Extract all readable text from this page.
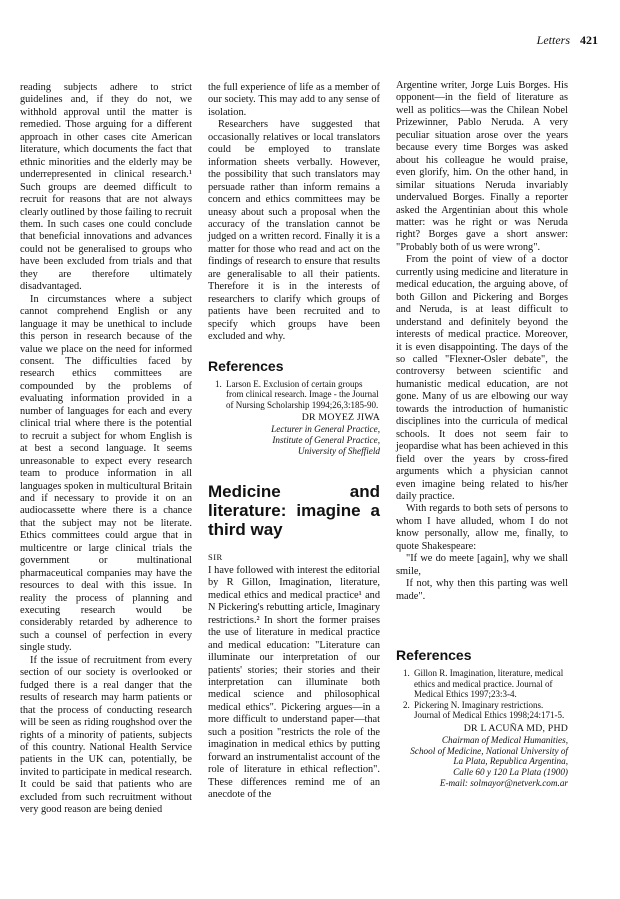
Letters 421

reading subjects adhere to strict guidelines and, if they do not, we withhold approval until the matter is remedied. Those arguing for a different approach in other cases cite American literature, which documents the fact that ethnic minorities and the elderly may be underrepresented in clinical research.¹ Such groups are deemed difficult to recruit for reasons that are not always clearly outlined by those failing to recruit them. In such cases one could conclude that beneficial innovations and advances could not be generalised to groups who have been excluded from trials and that they are therefore ultimately disadvantaged.

In circumstances where a subject cannot comprehend English or any language it may be unethical to include this person in research because of the value we place on the need for informed consent. The difficulties faced by research ethics committees are compounded by the problems of evaluating information provided in a number of languages for each and every clinical trial where there is the potential to recruit a subject for whom English is at best a second language. It seems unreasonable to expect every research team to produce information in all languages spoken in multicultural Britain and if necessary to provide it on an audiocassette where there is a chance that the subject may not be literate. Ethics committees could argue that in multicentre or large clinical trials the government or multinational pharmaceutical companies may have the resources to deal with this issue. In reality the process of planning and executing research would be considerably retarded by adherence to such a counsel of perfection in every single study.

If the issue of recruitment from every section of our society is overlooked or fudged there is a real danger that the results of research may harm patients or that the process of conducting research will be seen as riding roughshod over the rights of a minority of patients, subjects of this country. National Health Service patients in the UK can, potentially, be invited to participate in medical research. It could be said that patients who are excluded from such recruitment without very good reason are being denied

the full experience of life as a member of our society. This may add to any sense of isolation.

Researchers have suggested that occasionally relatives or local translators could be employed to translate information sheets verbally. However, the possibility that such translators may persuade rather than inform remains a concern and ethics committees may be uneasy about such a proposal when the accuracy of the translation cannot be judged on a written record. Finally it is a matter for those who read and act on the findings of research to ensure that results are generalisable to all their patients. Therefore it is in the interests of researchers to clarify which groups of patients have been recruited and to specify which groups have been excluded and why.

References
1. Larson E. Exclusion of certain groups from clinical research. Image - the Journal of Nursing Scholarship 1994;26,3:185-90.
DR MOYEZ JIWA
Lecturer in General Practice,
Institute of General Practice,
University of Sheffield
Medicine and literature: imagine a third way
SIR

I have followed with interest the editorial by R Gillon, Imagination, literature, medical ethics and medical practice¹ and N Pickering's rebutting article, Imaginary restrictions.² In short the former praises the use of literature in medical practice and medical education: "Literature can illuminate our interpretation of our patients' stories; their stories and their interpretation can illuminate both medical science and philosophical medical ethics". Pickering argues—in a more difficult to understand paper—that such a position "restricts the role of the imagination in medical ethics by putting forward an instrumentalist account of the role of literature in ethical reflection". These differences remind me of an anecdote of the

Argentine writer, Jorge Luis Borges. His opponent—in the field of literature as well as politics—was the Chilean Nobel Prizewinner, Pablo Neruda. A very peculiar situation arose over the years because every time Borges was asked about his colleague he would praise, even glorify, him. On the other hand, in similar situations Neruda invariably undervalued Borges. Finally a reporter asked the Argentinian about this whole matter: was he right or was Neruda right? Borges gave a short answer: "Probably both of us were wrong".

From the point of view of a doctor currently using medicine and literature in medical education, the arguing above, of both Gillon and Pickering and Borges and Neruda, is at least difficult to understand and definitely beyond the interests of medical practice. Moreover, it is even disappointing. The days of the so called "Flexner-Osler debate", the controversy between scientific and humanistic medical education, are not gone. Many of us are elbowing our way towards the introduction of humanistic disciplines into the curricula of medical schools. It does not seem fair to jeopardise what has been achieved in this field over the years by cross-fired arguments which a physician cannot even imagine being related to his/her daily practice.

With regards to both sets of persons to whom I have alluded, whom I do not know personally, allow me, finally, to quote Shakespeare:

"If we do meete [again], why we shall smile,

If not, why then this parting was well made".

References
1. Gillon R. Imagination, literature, medical ethics and medical practice. Journal of Medical Ethics 1997;23:3-4.
2. Pickering N. Imaginary restrictions. Journal of Medical Ethics 1998;24:171-5.
DR L ACUÑA MD, PHD
Chairman of Medical Humanities,
School of Medicine, National University of
La Plata, Republica Argentina,
Calle 60 y 120 La Plata (1900)
E-mail: solmayor@netverk.com.ar
